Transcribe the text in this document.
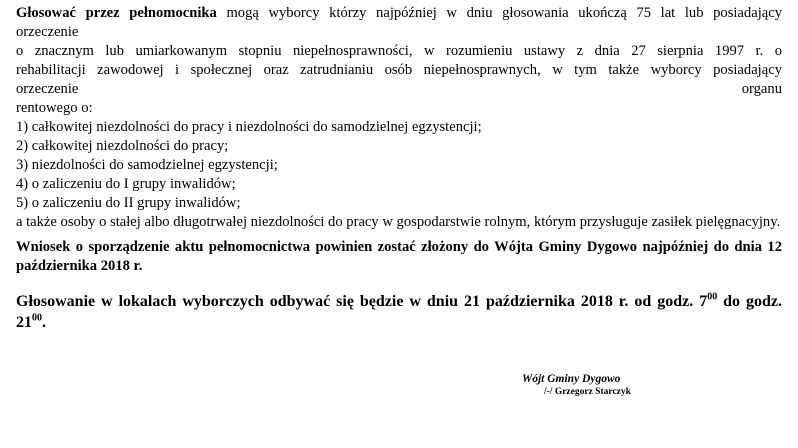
Głosować przez pełnomocnika mogą wyborcy którzy najpóźniej w dniu głosowania ukończą 75 lat lub posiadający

orzeczenie

o znacznym lub umiarkowanym stopniu niepełnosprawności, w rozumieniu ustawy z dnia 27 sierpnia 1997 r. o

rehabilitacji zawodowej i społecznej oraz zatrudnianiu osób niepełnosprawnych, w tym także wyborcy posiadający

orzeczenie	organu

rentowego o:

1) całkowitej niezdolności do pracy i niezdolności do samodzielnej egzystencji;
2) całkowitej niezdolności do pracy;
3) niezdolności do samodzielnej egzystencji;
4) o zaliczeniu do I grupy inwalidów;
5) o zaliczeniu do II grupy inwalidów;

a także osoby o stałej albo długotrwałej niezdolności do pracy w gospodarstwie rolnym, którym przysługuje zasiłek pielęgnacyjny.

Wniosek o sporządzenie aktu pełnomocnictwa powinien zostać złożony do Wójta Gminy Dygowo najpóźniej do dnia 12 października 2018 r.

Głosowanie w lokalach wyborczych odbywać się będzie w dniu 21 października 2018 r. od godz. $7^{00}$ do godz. $21^{00}$.

Wójt Gminy Dygowo

/-/ Grzegorz Starczyk
